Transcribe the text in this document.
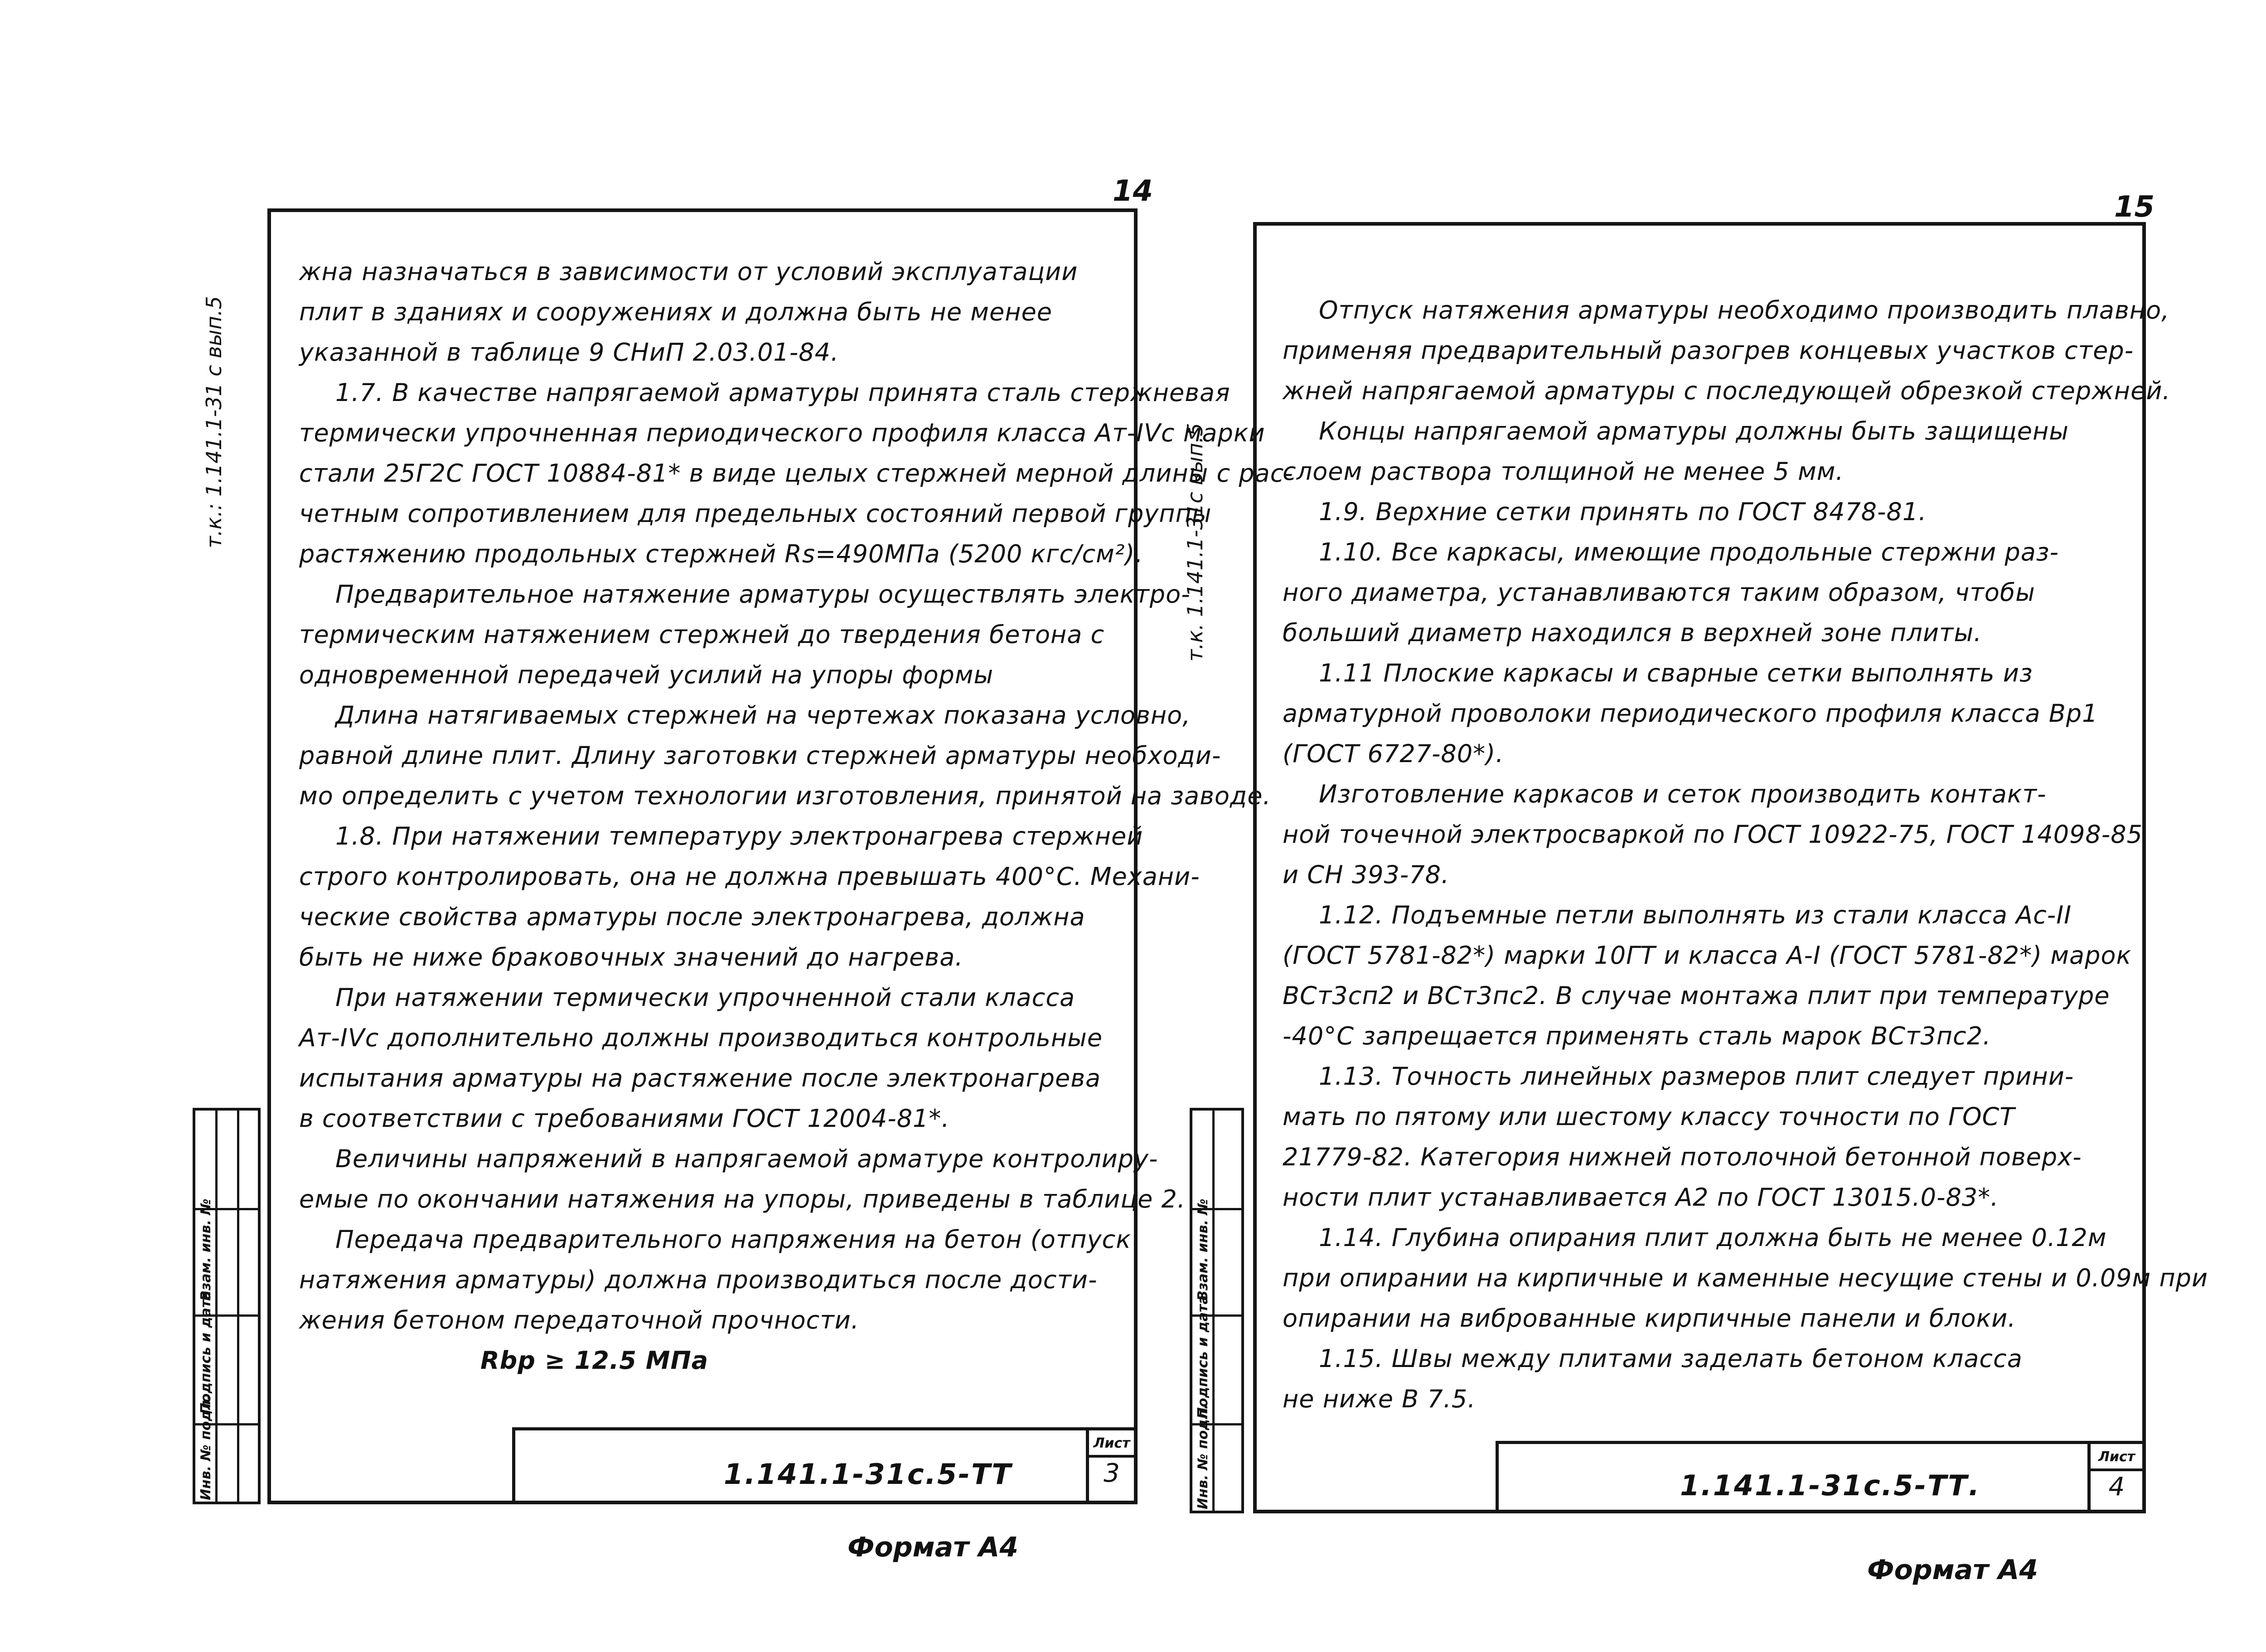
14
т.к.: 1.141.1-31 с вып.5
жна назначаться в зависимости от условий эксплуатации
плит в зданиях и сооружениях и должна быть не менее
указанной в таблице 9 СНиП 2.03.01-84.
1.7. В качестве напрягаемой арматуры принята сталь стержневая
термически упрочненная периодического профиля класса Ат-IVс марки
стали 25Г2С ГОСТ 10884-81* в виде целых стержней мерной длины с рас-
четным сопротивлением для предельных состояний первой группы
растяжению продольных стержней Rs=490МПа (5200 кгс/см²).
Предварительное натяжение арматуры осуществлять электро-
термическим натяжением стержней до твердения бетона с
одновременной передачей усилий на упоры формы
Длина натягиваемых стержней на чертежах показана условно,
равной длине плит. Длину заготовки стержней арматуры необходи-
мо определить с учетом технологии изготовления, принятой на заводе.
1.8. При натяжении температуру электронагрева стержней
строго контролировать, она не должна превышать 400°С. Механи-
ческие свойства арматуры после электронагрева, должна
быть не ниже браковочных значений до нагрева.
При натяжении термически упрочненной стали класса
Ат-IVс дополнительно должны производиться контрольные
испытания арматуры на растяжение после электронагрева
в соответствии с требованиями ГОСТ 12004-81*.
Величины напряжений в напрягаемой арматуре контролиру-
емые по окончании натяжения на упоры, приведены в таблице 2.
Передача предварительного напряжения на бетон (отпуск
натяжения арматуры) должна производиться после дости-
жения бетоном передаточной прочности.
Rbp ≥ 12.5 МПа
Инв. № подл.
Подпись и дата
Взам. инв. №
1.141.1-31с.5-ТТ
Лист
3
Формат А4
15
т.к. 1.141.1-31с вып.5
Отпуск натяжения арматуры необходимо производить плавно,
применяя предварительный разогрев концевых участков стер-
жней напрягаемой арматуры с последующей обрезкой стержней.
Концы напрягаемой арматуры должны быть защищены
слоем раствора толщиной не менее 5 мм.
1.9. Верхние сетки принять по ГОСТ 8478-81.
1.10. Все каркасы, имеющие продольные стержни раз-
ного диаметра, устанавливаются таким образом, чтобы
больший диаметр находился в верхней зоне плиты.
1.11 Плоские каркасы и сварные сетки выполнять из
арматурной проволоки периодического профиля класса Вр1
(ГОСТ 6727-80*).
Изготовление каркасов и сеток производить контакт-
ной точечной электросваркой по ГОСТ 10922-75, ГОСТ 14098-85
и СН 393-78.
1.12. Подъемные петли выполнять из стали класса Ас-II
(ГОСТ 5781-82*) марки 10ГТ и класса А-I (ГОСТ 5781-82*) марок
ВСт3сп2 и ВСт3пс2. В случае монтажа плит при температуре
-40°С запрещается применять сталь марок ВСт3пс2.
1.13. Точность линейных размеров плит следует прини-
мать по пятому или шестому классу точности по ГОСТ
21779-82. Категория нижней потолочной бетонной поверх-
ности плит устанавливается А2 по ГОСТ 13015.0-83*.
1.14. Глубина опирания плит должна быть не менее 0.12м
при опирании на кирпичные и каменные несущие стены и 0.09м при
опирании на виброванные кирпичные панели и блоки.
1.15. Швы между плитами заделать бетоном класса
не ниже В 7.5.
Инв. № подл.
Подпись и дата
Взам. инв. №
1.141.1-31с.5-ТТ.
Лист
4
Формат А4
